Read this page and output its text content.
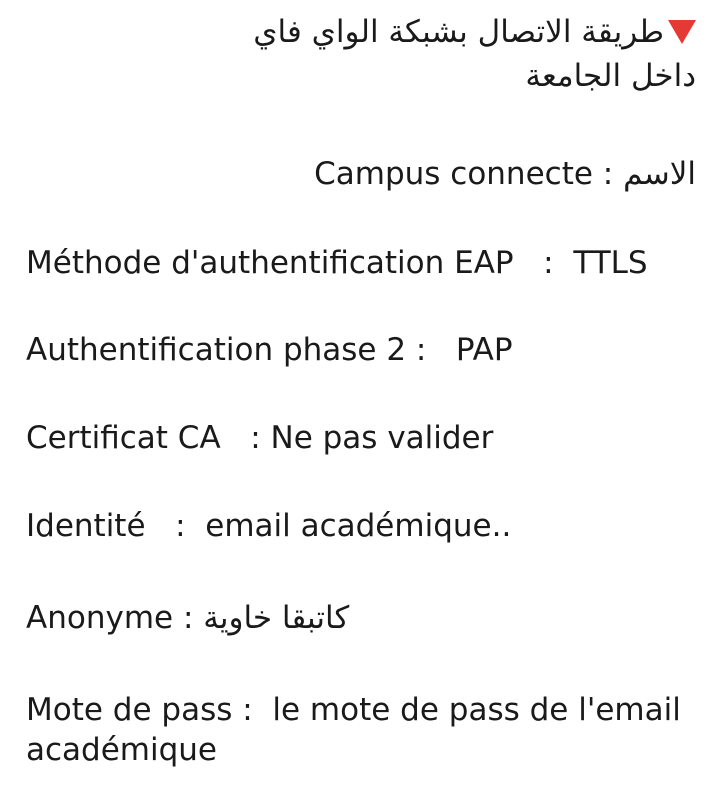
طريقة الاتصال بشبكة الواي فاي
داخل الجامعة
الاسم : Campus connecte
Méthode d'authentification EAP   :  TTLS
Authentification phase 2 :   PAP
Certificat CA   : Ne pas valider
Identité   :  email académique..
Anonyme : كاتبقا خاوية
Mote de pass :  le mote de pass de l'email
académique
